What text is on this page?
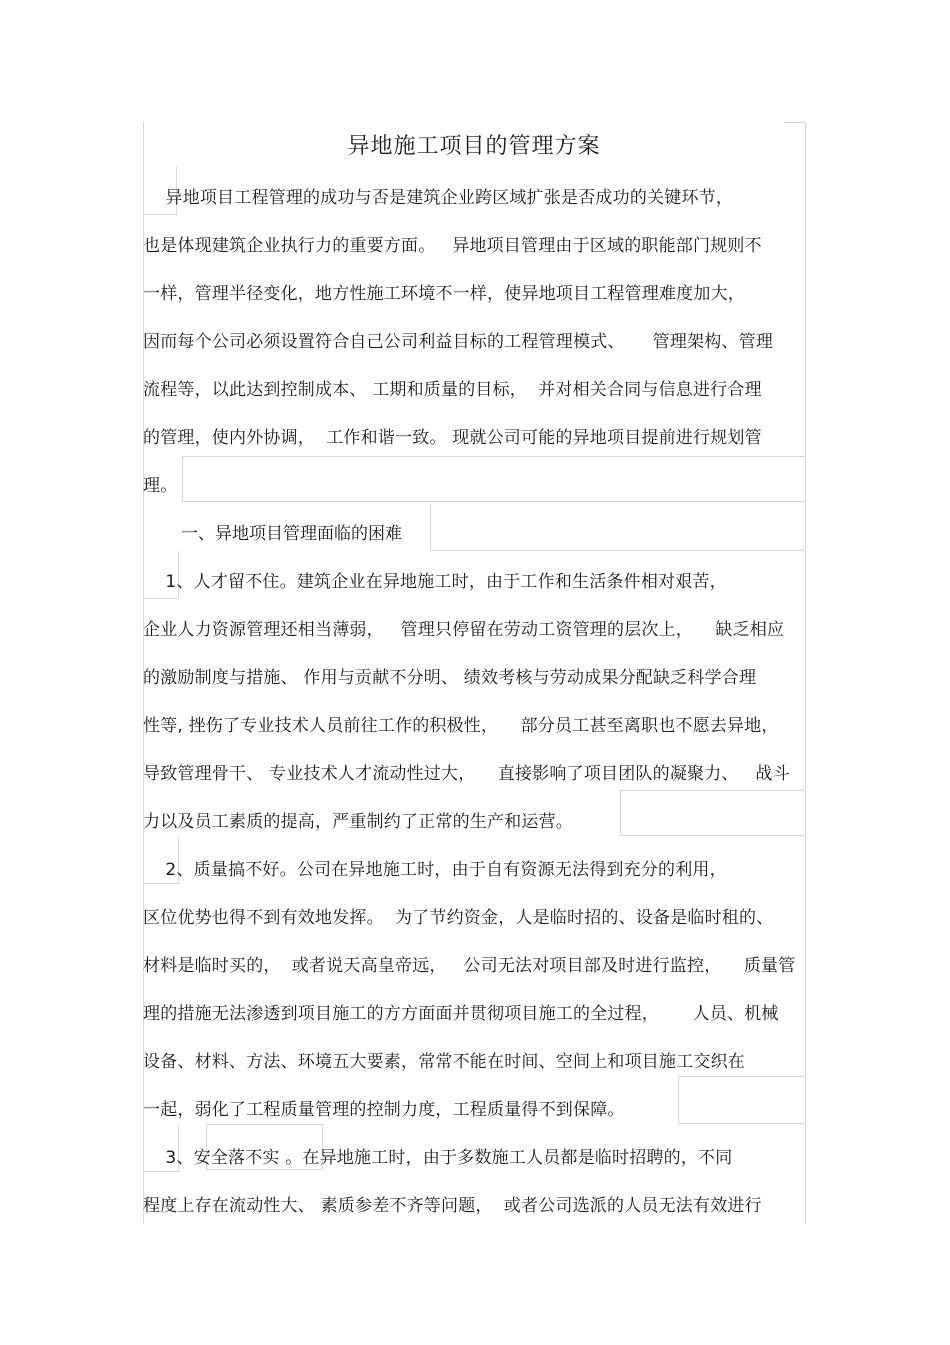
异地施工项目的管理方案
异地项目工程管理的成功与否是建筑企业跨区域扩张是否成功的关键环节，
也是体现建筑企业执行力的重要方面。   异地项目管理由于区域的职能部门规则不
一样，管理半径变化，地方性施工环境不一样，使异地项目工程管理难度加大，
因而每个公司必须设置符合自己公司利益目标的工程管理模式、     管理架构、管理
流程等，以此达到控制成本、 工期和质量的目标，  并对相关合同与信息进行合理
的管理，使内外协调，  工作和谐一致。 现就公司可能的异地项目提前进行规划管
理。
一、异地项目管理面临的困难
1、人才留不住。建筑企业在异地施工时，由于工作和生活条件相对艰苦，
企业人力资源管理还相当薄弱，   管理只停留在劳动工资管理的层次上，    缺乏相应
的激励制度与措施、 作用与贡献不分明、 绩效考核与劳动成果分配缺乏科学合理
性等, 挫伤了专业技术人员前往工作的积极性，    部分员工甚至离职也不愿去异地，
导致管理骨干、 专业技术人才流动性过大，    直接影响了项目团队的凝聚力、   战斗
力以及员工素质的提高，严重制约了正常的生产和运营。
2、质量搞不好。公司在异地施工时，由于自有资源无法得到充分的利用，
区位优势也得不到有效地发挥。  为了节约资金，人是临时招的、设备是临时租的、
材料是临时买的，  或者说天高皇帝远，   公司无法对项目部及时进行监控，    质量管
理的措施无法渗透到项目施工的方方面面并贯彻项目施工的全过程，      人员、机械
设备、材料、方法、环境五大要素，常常不能在时间、空间上和项目施工交织在
一起，弱化了工程质量管理的控制力度，工程质量得不到保障。
3、安全落不实 。在异地施工时，由于多数施工人员都是临时招聘的，不同
程度上存在流动性大、 素质参差不齐等问题，  或者公司选派的人员无法有效进行
